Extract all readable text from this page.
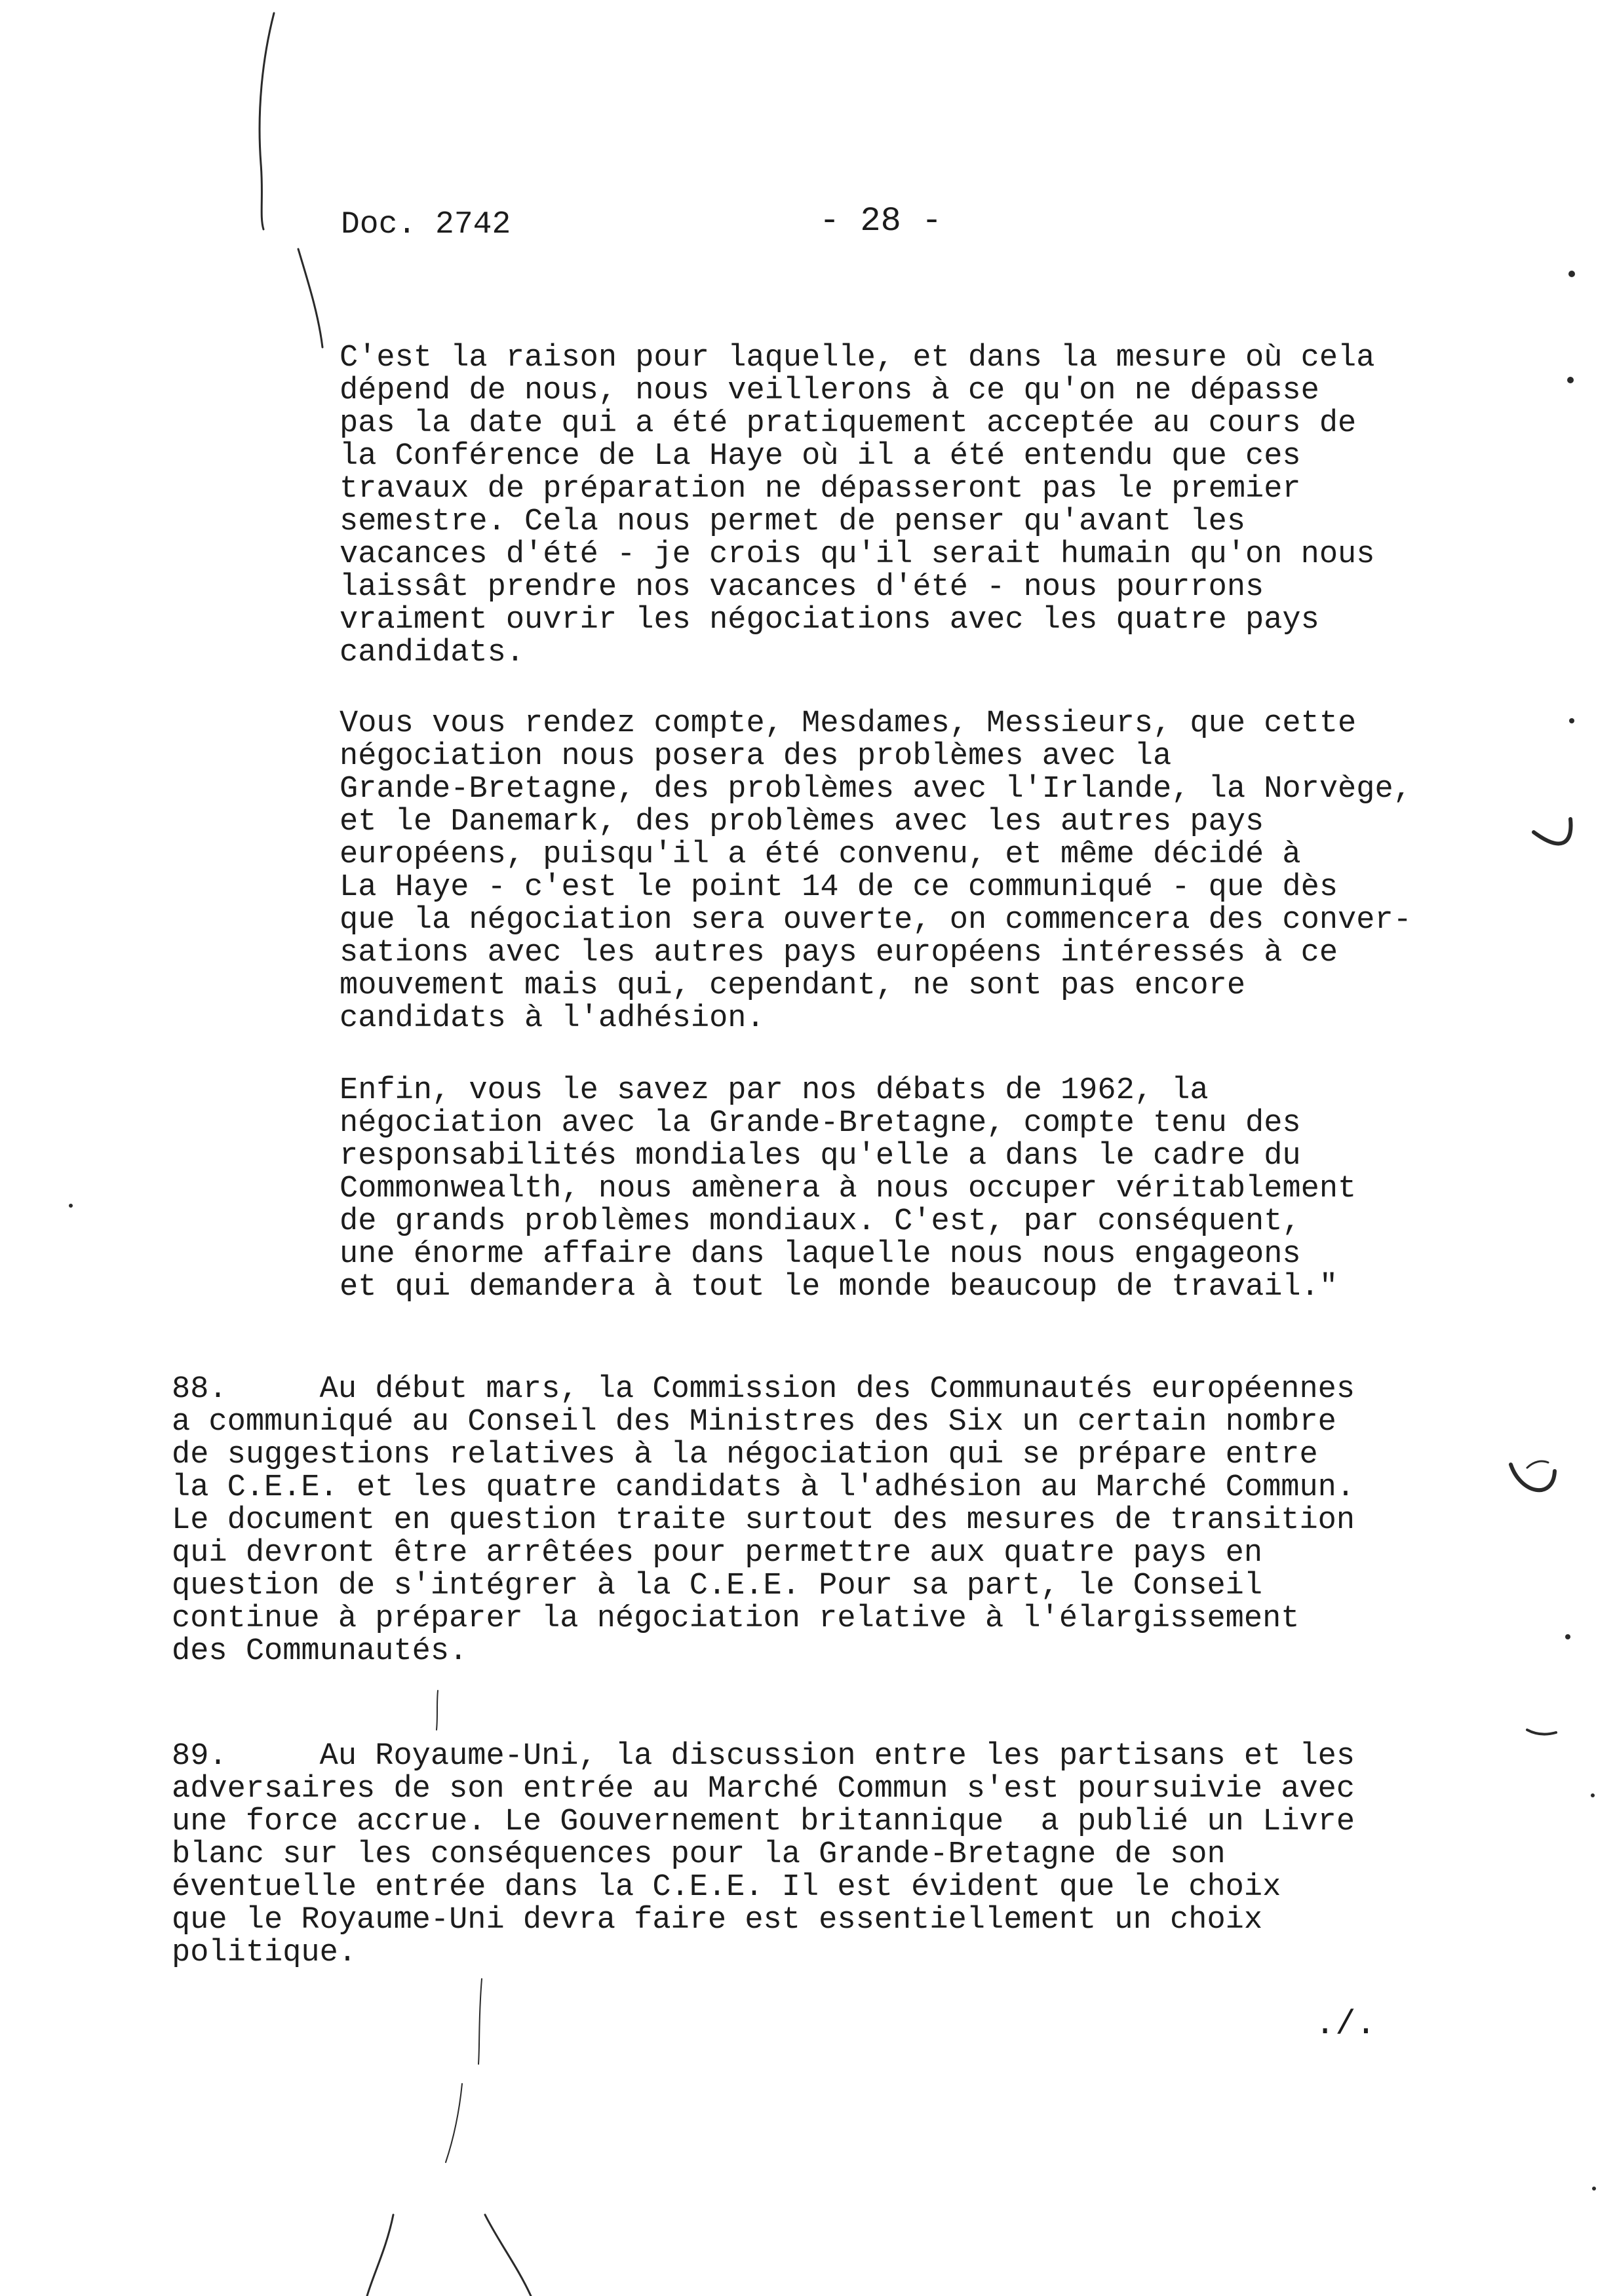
Doc. 2742	- 28 -

C'est la raison pour laquelle, et dans la mesure où cela
dépend de nous, nous veillerons à ce qu'on ne dépasse
pas la date qui a été pratiquement acceptée au cours de
la Conférence de La Haye où il a été entendu que ces
travaux de préparation ne dépasseront pas le premier
semestre. Cela nous permet de penser qu'avant les
vacances d'été - je crois qu'il serait humain qu'on nous
laissât prendre nos vacances d'été - nous pourrons
vraiment ouvrir les négociations avec les quatre pays
candidats.

Vous vous rendez compte, Mesdames, Messieurs, que cette
négociation nous posera des problèmes avec la
Grande-Bretagne, des problèmes avec l'Irlande, la Norvège,
et le Danemark, des problèmes avec les autres pays
européens, puisqu'il a été convenu, et même décidé à
La Haye - c'est le point 14 de ce communiqué - que dès
que la négociation sera ouverte, on commencera des conver-
sations avec les autres pays européens intéressés à ce
mouvement mais qui, cependant, ne sont pas encore
candidats à l'adhésion.

Enfin, vous le savez par nos débats de 1962, la
négociation avec la Grande-Bretagne, compte tenu des
responsabilités mondiales qu'elle a dans le cadre du
Commonwealth, nous amènera à nous occuper véritablement
de grands problèmes mondiaux. C'est, par conséquent,
une énorme affaire dans laquelle nous nous engageons
et qui demandera à tout le monde beaucoup de travail."

88.     Au début mars, la Commission des Communautés européennes
a communiqué au Conseil des Ministres des Six un certain nombre
de suggestions relatives à la négociation qui se prépare entre
la C.E.E. et les quatre candidats à l'adhésion au Marché Commun.
Le document en question traite surtout des mesures de transition
qui devront être arrêtées pour permettre aux quatre pays en
question de s'intégrer à la C.E.E. Pour sa part, le Conseil
continue à préparer la négociation relative à l'élargissement
des Communautés.

89.     Au Royaume-Uni, la discussion entre les partisans et les
adversaires de son entrée au Marché Commun s'est poursuivie avec
une force accrue. Le Gouvernement britannique  a publié un Livre
blanc sur les conséquences pour la Grande-Bretagne de son
éventuelle entrée dans la C.E.E. Il est évident que le choix
que le Royaume-Uni devra faire est essentiellement un choix
politique.

./.
